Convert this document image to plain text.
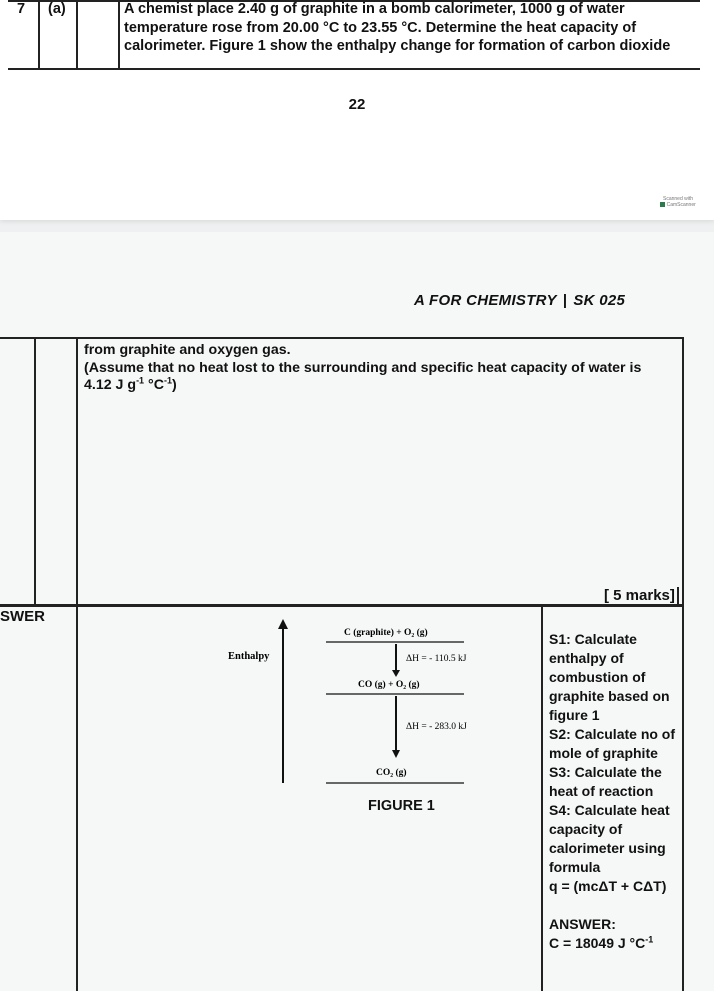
7	(a)	A chemist place 2.40 g of graphite in a bomb calorimeter, 1000 g of water
temperature rose from 20.00 °C to 23.55 °C. Determine the heat capacity of
calorimeter. Figure 1 show the enthalpy change for formation of carbon dioxide
22
Scanned with
CamScanner
A FOR CHEMISTRY | SK 025
from graphite and oxygen gas.
(Assume that no heat lost to the surrounding and specific heat capacity of water is
4.12 J $g^{-1}$ $^\circ C^{-1}$)
Enthalpy
C (graphite) + O₂ (g)
ΔH = - 110.5 kJ
CO (g) + O₂ (g)
ΔH = - 283.0 kJ
CO₂ (g)
FIGURE 1
[ 5 marks]
SWER
S1: Calculate enthalpy of combustion of graphite based on figure 1
S2: Calculate no of mole of graphite
S3: Calculate the heat of reaction
S4: Calculate heat capacity of calorimeter using formula
q = (mcΔT + CΔT)
ANSWER:
C = 18049 J $^\circ C^{-1}$
